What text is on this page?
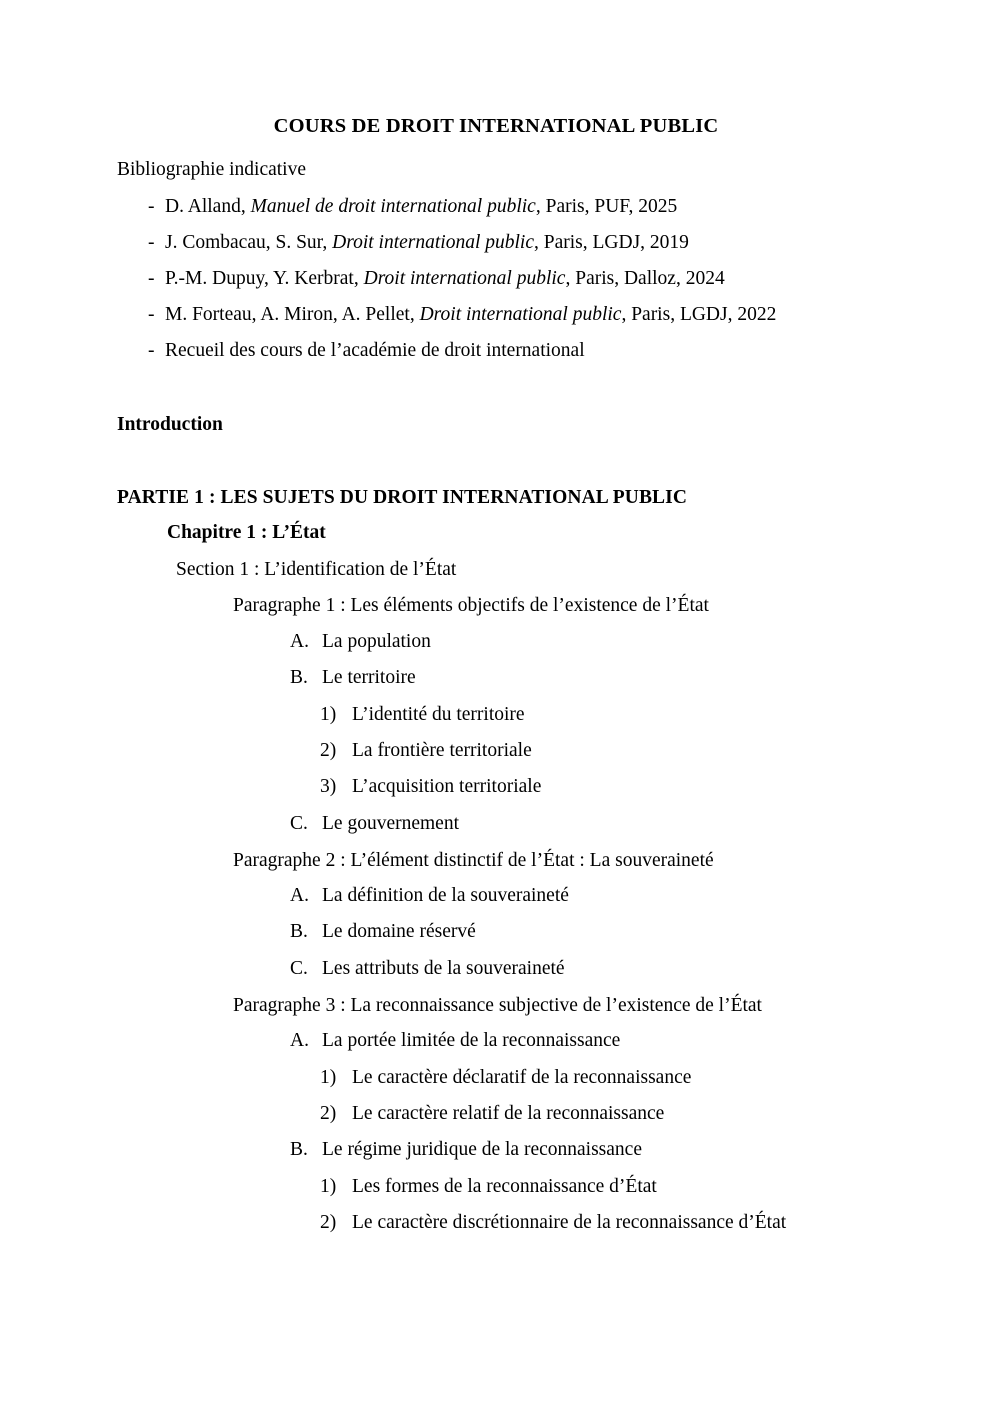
COURS DE DROIT INTERNATIONAL PUBLIC
Bibliographie indicative
- D. Alland, Manuel de droit international public, Paris, PUF, 2025
- J. Combacau, S. Sur, Droit international public, Paris, LGDJ, 2019
- P.-M. Dupuy, Y. Kerbrat, Droit international public, Paris, Dalloz, 2024
- M. Forteau, A. Miron, A. Pellet, Droit international public, Paris, LGDJ, 2022
- Recueil des cours de l’académie de droit international
Introduction
PARTIE 1 : LES SUJETS DU DROIT INTERNATIONAL PUBLIC
Chapitre 1 : L’État
Section 1 : L’identification de l’État
Paragraphe 1 : Les éléments objectifs de l’existence de l’État
A. La population
B. Le territoire
1) L’identité du territoire
2) La frontière territoriale
3) L’acquisition territoriale
C. Le gouvernement
Paragraphe 2 : L’élément distinctif de l’État : La souveraineté
A. La définition de la souveraineté
B. Le domaine réservé
C. Les attributs de la souveraineté
Paragraphe 3 : La reconnaissance subjective de l’existence de l’État
A. La portée limitée de la reconnaissance
1) Le caractère déclaratif de la reconnaissance
2) Le caractère relatif de la reconnaissance
B. Le régime juridique de la reconnaissance
1) Les formes de la reconnaissance d’État
2) Le caractère discrétionnaire de la reconnaissance d’État
